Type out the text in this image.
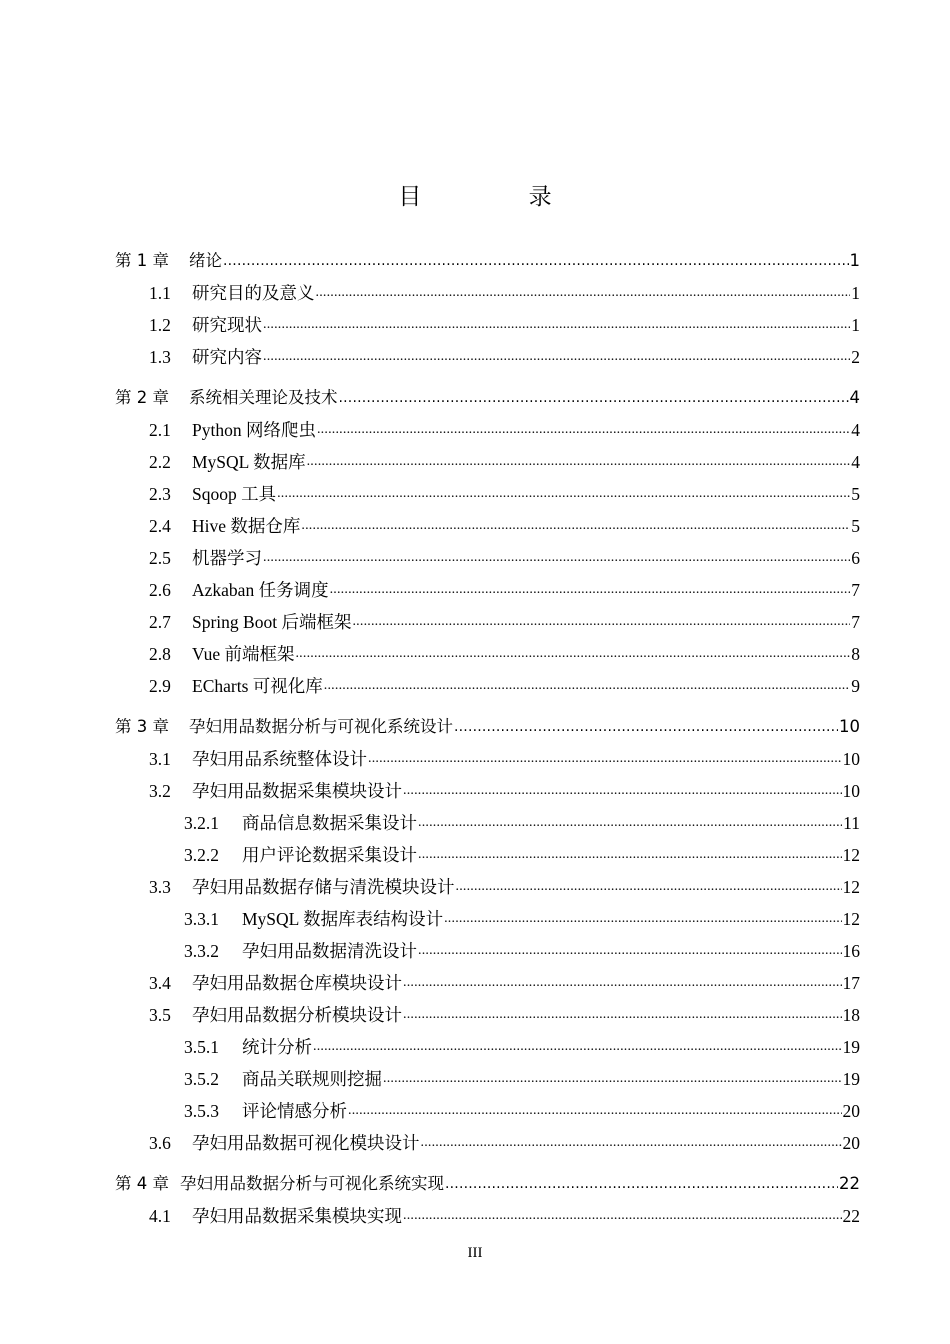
目 录
第 1 章	绪论 .....	1
1.1	研究目的及意义 .....	1
1.2	研究现状 .....	1
1.3	研究内容 .....	2
第 2 章	系统相关理论及技术 .....	4
2.1	Python 网络爬虫 .....	4
2.2	MySQL 数据库 .....	4
2.3	Sqoop 工具 .....	5
2.4	Hive 数据仓库 .....	5
2.5	机器学习 .....	6
2.6	Azkaban 任务调度 .....	7
2.7	Spring Boot 后端框架 .....	7
2.8	Vue 前端框架 .....	8
2.9	ECharts 可视化库 .....	9
第 3 章	孕妇用品数据分析与可视化系统设计 .....	10
3.1	孕妇用品系统整体设计 .....	10
3.2	孕妇用品数据采集模块设计 .....	10
3.2.1	商品信息数据采集设计 .....	11
3.2.2	用户评论数据采集设计 .....	12
3.3	孕妇用品数据存储与清洗模块设计 .....	12
3.3.1	MySQL 数据库表结构设计 .....	12
3.3.2	孕妇用品数据清洗设计 .....	16
3.4	孕妇用品数据仓库模块设计 .....	17
3.5	孕妇用品数据分析模块设计 .....	18
3.5.1	统计分析 .....	19
3.5.2	商品关联规则挖掘 .....	19
3.5.3	评论情感分析 .....	20
3.6	孕妇用品数据可视化模块设计 .....	20
第 4 章 孕妇用品数据分析与可视化系统实现 .....	22
4.1	孕妇用品数据采集模块实现 .....	22
III
